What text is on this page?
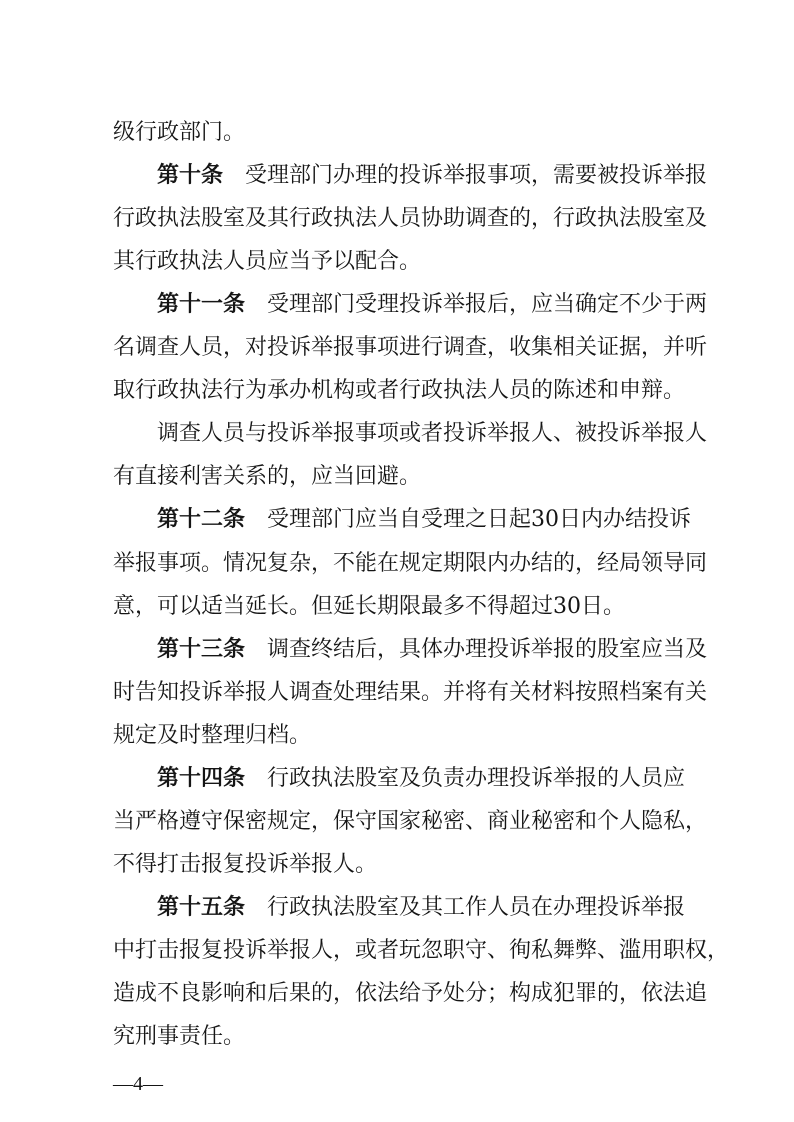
级行政部门。
第十条 受理部门办理的投诉举报事项，需要被投诉举报
行政执法股室及其行政执法人员协助调查的，行政执法股室及
其行政执法人员应当予以配合。
第十一条 受理部门受理投诉举报后，应当确定不少于两
名调查人员，对投诉举报事项进行调查，收集相关证据，并听
取行政执法行为承办机构或者行政执法人员的陈述和申辩。
调查人员与投诉举报事项或者投诉举报人、被投诉举报人
有直接利害关系的，应当回避。
第十二条 受理部门应当自受理之日起30日内办结投诉
举报事项。情况复杂，不能在规定期限内办结的，经局领导同
意，可以适当延长。但延长期限最多不得超过30日。
第十三条 调查终结后，具体办理投诉举报的股室应当及
时告知投诉举报人调查处理结果。并将有关材料按照档案有关
规定及时整理归档。
第十四条 行政执法股室及负责办理投诉举报的人员应
当严格遵守保密规定，保守国家秘密、商业秘密和个人隐私，
不得打击报复投诉举报人。
第十五条 行政执法股室及其工作人员在办理投诉举报
中打击报复投诉举报人，或者玩忽职守、徇私舞弊、滥用职权，
造成不良影响和后果的，依法给予处分；构成犯罪的，依法追
究刑事责任。
—4—
